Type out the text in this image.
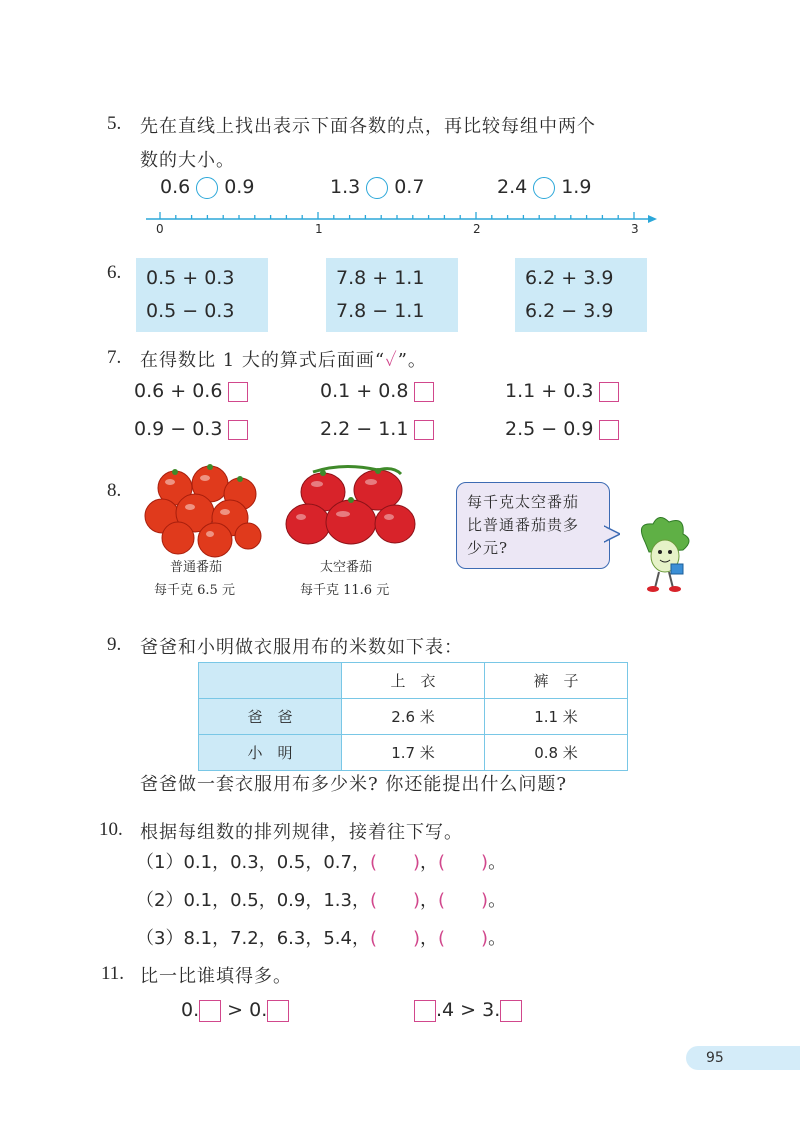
5. 先在直线上找出表示下面各数的点，再比较每组中两个
数的大小。
0.6 0.9	1.3 0.7	2.4 1.9
0	1	2	3
6. 0.5 + 0.3
0.5 − 0.3
7.8 + 1.1
7.8 − 1.1
6.2 + 3.9
6.2 − 3.9
7. 在得数比 1 大的算式后面画“✓”。
0.6 + 0.6	0.1 + 0.8	1.1 + 0.3
0.9 − 0.3	2.2 − 1.1	2.5 − 0.9
8.
普通番茄
每千克 6.5 元
太空番茄
每千克 11.6 元
每千克太空番茄
比普通番茄贵多
少元?
9. 爸爸和小明做衣服用布的米数如下表：
	上　衣	裤　子
爸　爸	2.6 米	1.1 米
小　明	1.7 米	0.8 米
爸爸做一套衣服用布多少米? 你还能提出什么问题?
10. 根据每组数的排列规律，接着往下写。
（1）0.1，0.3，0.5，0.7，(　　)，(　　)。
（2）0.1，0.5，0.9，1.3，(　　)，(　　)。
（3）8.1，7.2，6.3，5.4，(　　)，(　　)。
11. 比一比谁填得多。
0. > 0.	.4 > 3.
95
